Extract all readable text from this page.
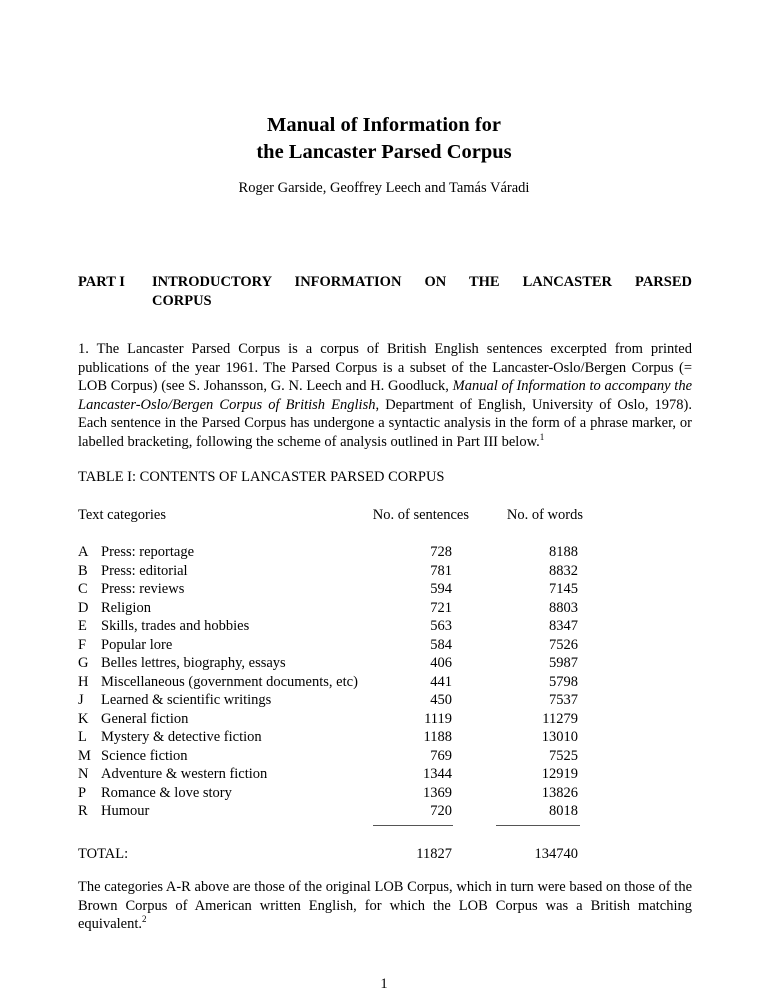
Manual of Information for
the Lancaster Parsed Corpus
Roger Garside, Geoffrey Leech and Tamás Váradi
PART I INTRODUCTORY INFORMATION ON THE LANCASTER PARSED
CORPUS
1. The Lancaster Parsed Corpus is a corpus of British English sentences excerpted from printed publications of the year 1961. The Parsed Corpus is a subset of the Lancaster-Oslo/Bergen Corpus (= LOB Corpus) (see S. Johansson, G. N. Leech and H. Goodluck, Manual of Information to accompany the Lancaster-Oslo/Bergen Corpus of British English, Department of English, University of Oslo, 1978). Each sentence in the Parsed Corpus has undergone a syntactic analysis in the form of a phrase marker, or labelled bracketing, following the scheme of analysis outlined in Part III below.$^1$
TABLE I: CONTENTS OF LANCASTER PARSED CORPUS
Text categories	No. of sentences	No. of words
A Press: reportage	728	8188
B Press: editorial	781	8832
C Press: reviews	594	7145
D Religion	721	8803
E Skills, trades and hobbies	563	8347
F Popular lore	584	7526
G Belles lettres, biography, essays	406	5987
H Miscellaneous (government documents, etc)	441	5798
J Learned & scientific writings	450	7537
K General fiction	1119	11279
L Mystery & detective fiction	1188	13010
M Science fiction	769	7525
N Adventure & western fiction	1344	12919
P Romance & love story	1369	13826
R Humour	720	8018
TOTAL:	11827	134740
The categories A-R above are those of the original LOB Corpus, which in turn were based on those of the Brown Corpus of American written English, for which the LOB Corpus was a British matching equivalent.$^2$
1
